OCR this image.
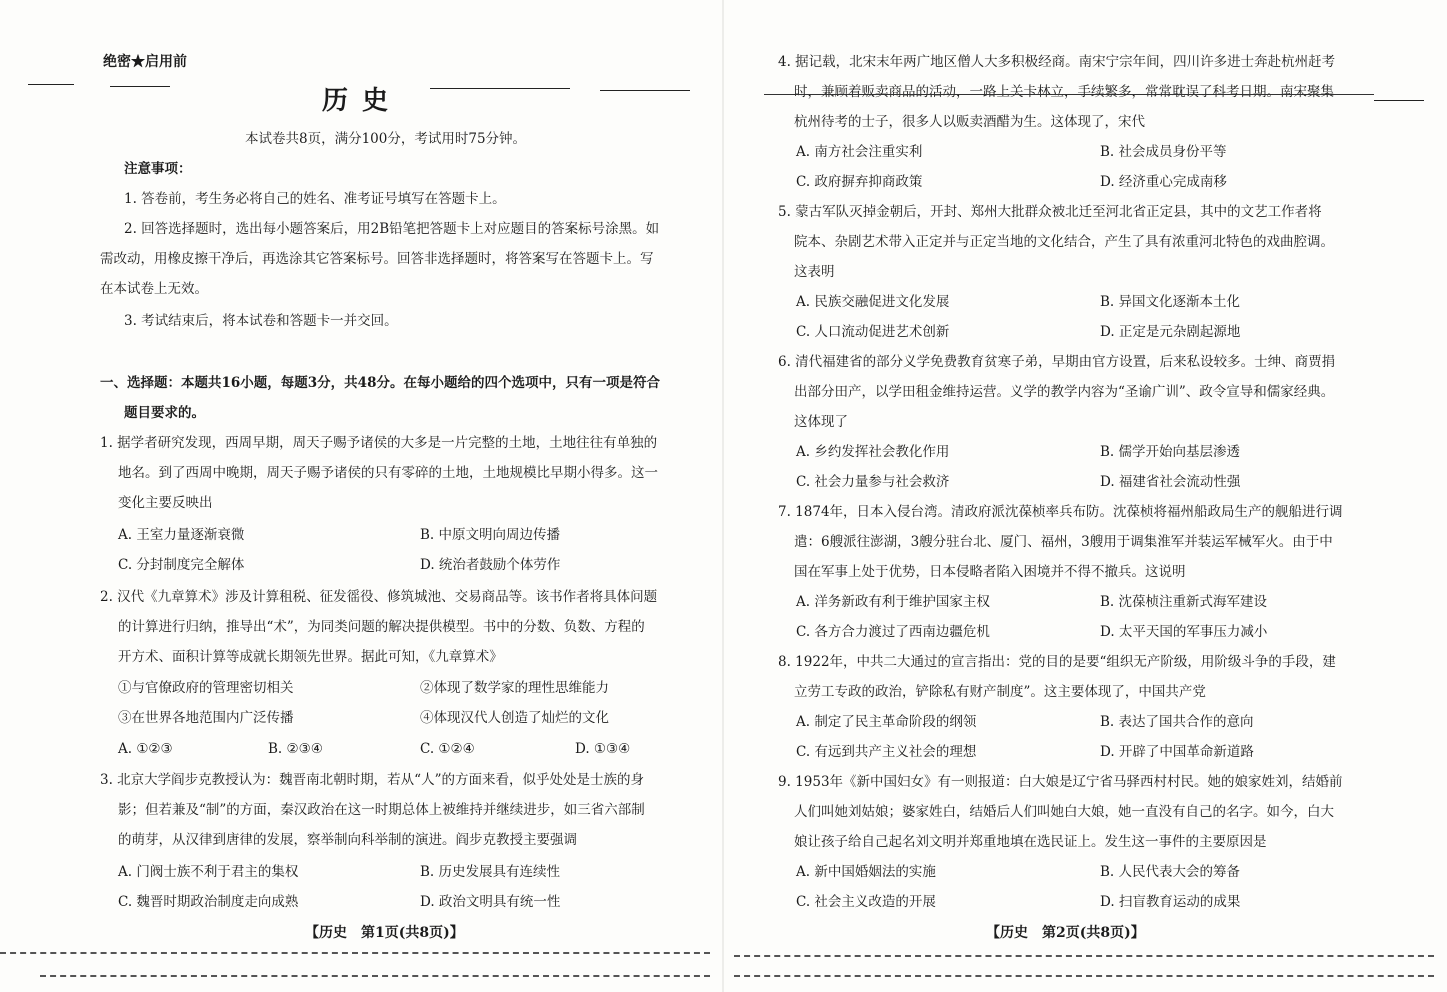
绝密★启用前
历史
本试卷共8页，满分100分，考试用时75分钟。
注意事项：
1. 答卷前，考生务必将自己的姓名、准考证号填写在答题卡上。
2. 回答选择题时，选出每小题答案后，用2B铅笔把答题卡上对应题目的答案标号涂黑。如
需改动，用橡皮擦干净后，再选涂其它答案标号。回答非选择题时，将答案写在答题卡上。写
在本试卷上无效。
3. 考试结束后，将本试卷和答题卡一并交回。
一、选择题：本题共16小题，每题3分，共48分。在每小题给的四个选项中，只有一项是符合
题目要求的。
1. 据学者研究发现，西周早期，周天子赐予诸侯的大多是一片完整的土地，土地往往有单独的
地名。到了西周中晚期，周天子赐予诸侯的只有零碎的土地，土地规模比早期小得多。这一
变化主要反映出
A. 王室力量逐渐衰微	B. 中原文明向周边传播
C. 分封制度完全解体	D. 统治者鼓励个体劳作
2. 汉代《九章算术》涉及计算租税、征发徭役、修筑城池、交易商品等。该书作者将具体问题
的计算进行归纳，推导出“术”，为同类问题的解决提供模型。书中的分数、负数、方程的
开方术、面积计算等成就长期领先世界。据此可知，《九章算术》
①与官僚政府的管理密切相关	②体现了数学家的理性思维能力
③在世界各地范围内广泛传播	④体现汉代人创造了灿烂的文化
A. ①②③	B. ②③④	C. ①②④	D. ①③④
3. 北京大学阎步克教授认为：魏晋南北朝时期，若从“人”的方面来看，似乎处处是士族的身
影；但若兼及“制”的方面，秦汉政治在这一时期总体上被维持并继续进步，如三省六部制
的萌芽，从汉律到唐律的发展，察举制向科举制的演进。阎步克教授主要强调
A. 门阀士族不利于君主的集权	B. 历史发展具有连续性
C. 魏晋时期政治制度走向成熟	D. 政治文明具有统一性
【历史　第1页(共8页)】
4. 据记载，北宋末年两广地区僧人大多积极经商。南宋宁宗年间，四川许多进士奔赴杭州赶考
时，兼顾着贩卖商品的活动，一路上关卡林立，手续繁多，常常耽误了科考日期。南宋聚集
杭州待考的士子，很多人以贩卖酒醋为生。这体现了，宋代
A. 南方社会注重实利	B. 社会成员身份平等
C. 政府摒弃抑商政策	D. 经济重心完成南移
5. 蒙古军队灭掉金朝后，开封、郑州大批群众被北迁至河北省正定县，其中的文艺工作者将
院本、杂剧艺术带入正定并与正定当地的文化结合，产生了具有浓重河北特色的戏曲腔调。
这表明
A. 民族交融促进文化发展	B. 异国文化逐渐本土化
C. 人口流动促进艺术创新	D. 正定是元杂剧起源地
6. 清代福建省的部分义学免费教育贫寒子弟，早期由官方设置，后来私设较多。士绅、商贾捐
出部分田产，以学田租金维持运营。义学的教学内容为“圣谕广训”、政令宣导和儒家经典。
这体现了
A. 乡约发挥社会教化作用	B. 儒学开始向基层渗透
C. 社会力量参与社会救济	D. 福建省社会流动性强
7. 1874年，日本入侵台湾。清政府派沈葆桢率兵布防。沈葆桢将福州船政局生产的舰船进行调
遣：6艘派往澎湖，3艘分驻台北、厦门、福州，3艘用于调集淮军并装运军械军火。由于中
国在军事上处于优势，日本侵略者陷入困境并不得不撤兵。这说明
A. 洋务新政有利于维护国家主权	B. 沈葆桢注重新式海军建设
C. 各方合力渡过了西南边疆危机	D. 太平天国的军事压力减小
8. 1922年，中共二大通过的宣言指出：党的目的是要“组织无产阶级，用阶级斗争的手段，建
立劳工专政的政治，铲除私有财产制度”。这主要体现了，中国共产党
A. 制定了民主革命阶段的纲领	B. 表达了国共合作的意向
C. 有远到共产主义社会的理想	D. 开辟了中国革命新道路
9. 1953年《新中国妇女》有一则报道：白大娘是辽宁省马驿西村村民。她的娘家姓刘，结婚前
人们叫她刘姑娘；婆家姓白，结婚后人们叫她白大娘，她一直没有自己的名字。如今，白大
娘让孩子给自己起名刘文明并郑重地填在选民证上。发生这一事件的主要原因是
A. 新中国婚姻法的实施	B. 人民代表大会的筹备
C. 社会主义改造的开展	D. 扫盲教育运动的成果
【历史　第2页(共8页)】
